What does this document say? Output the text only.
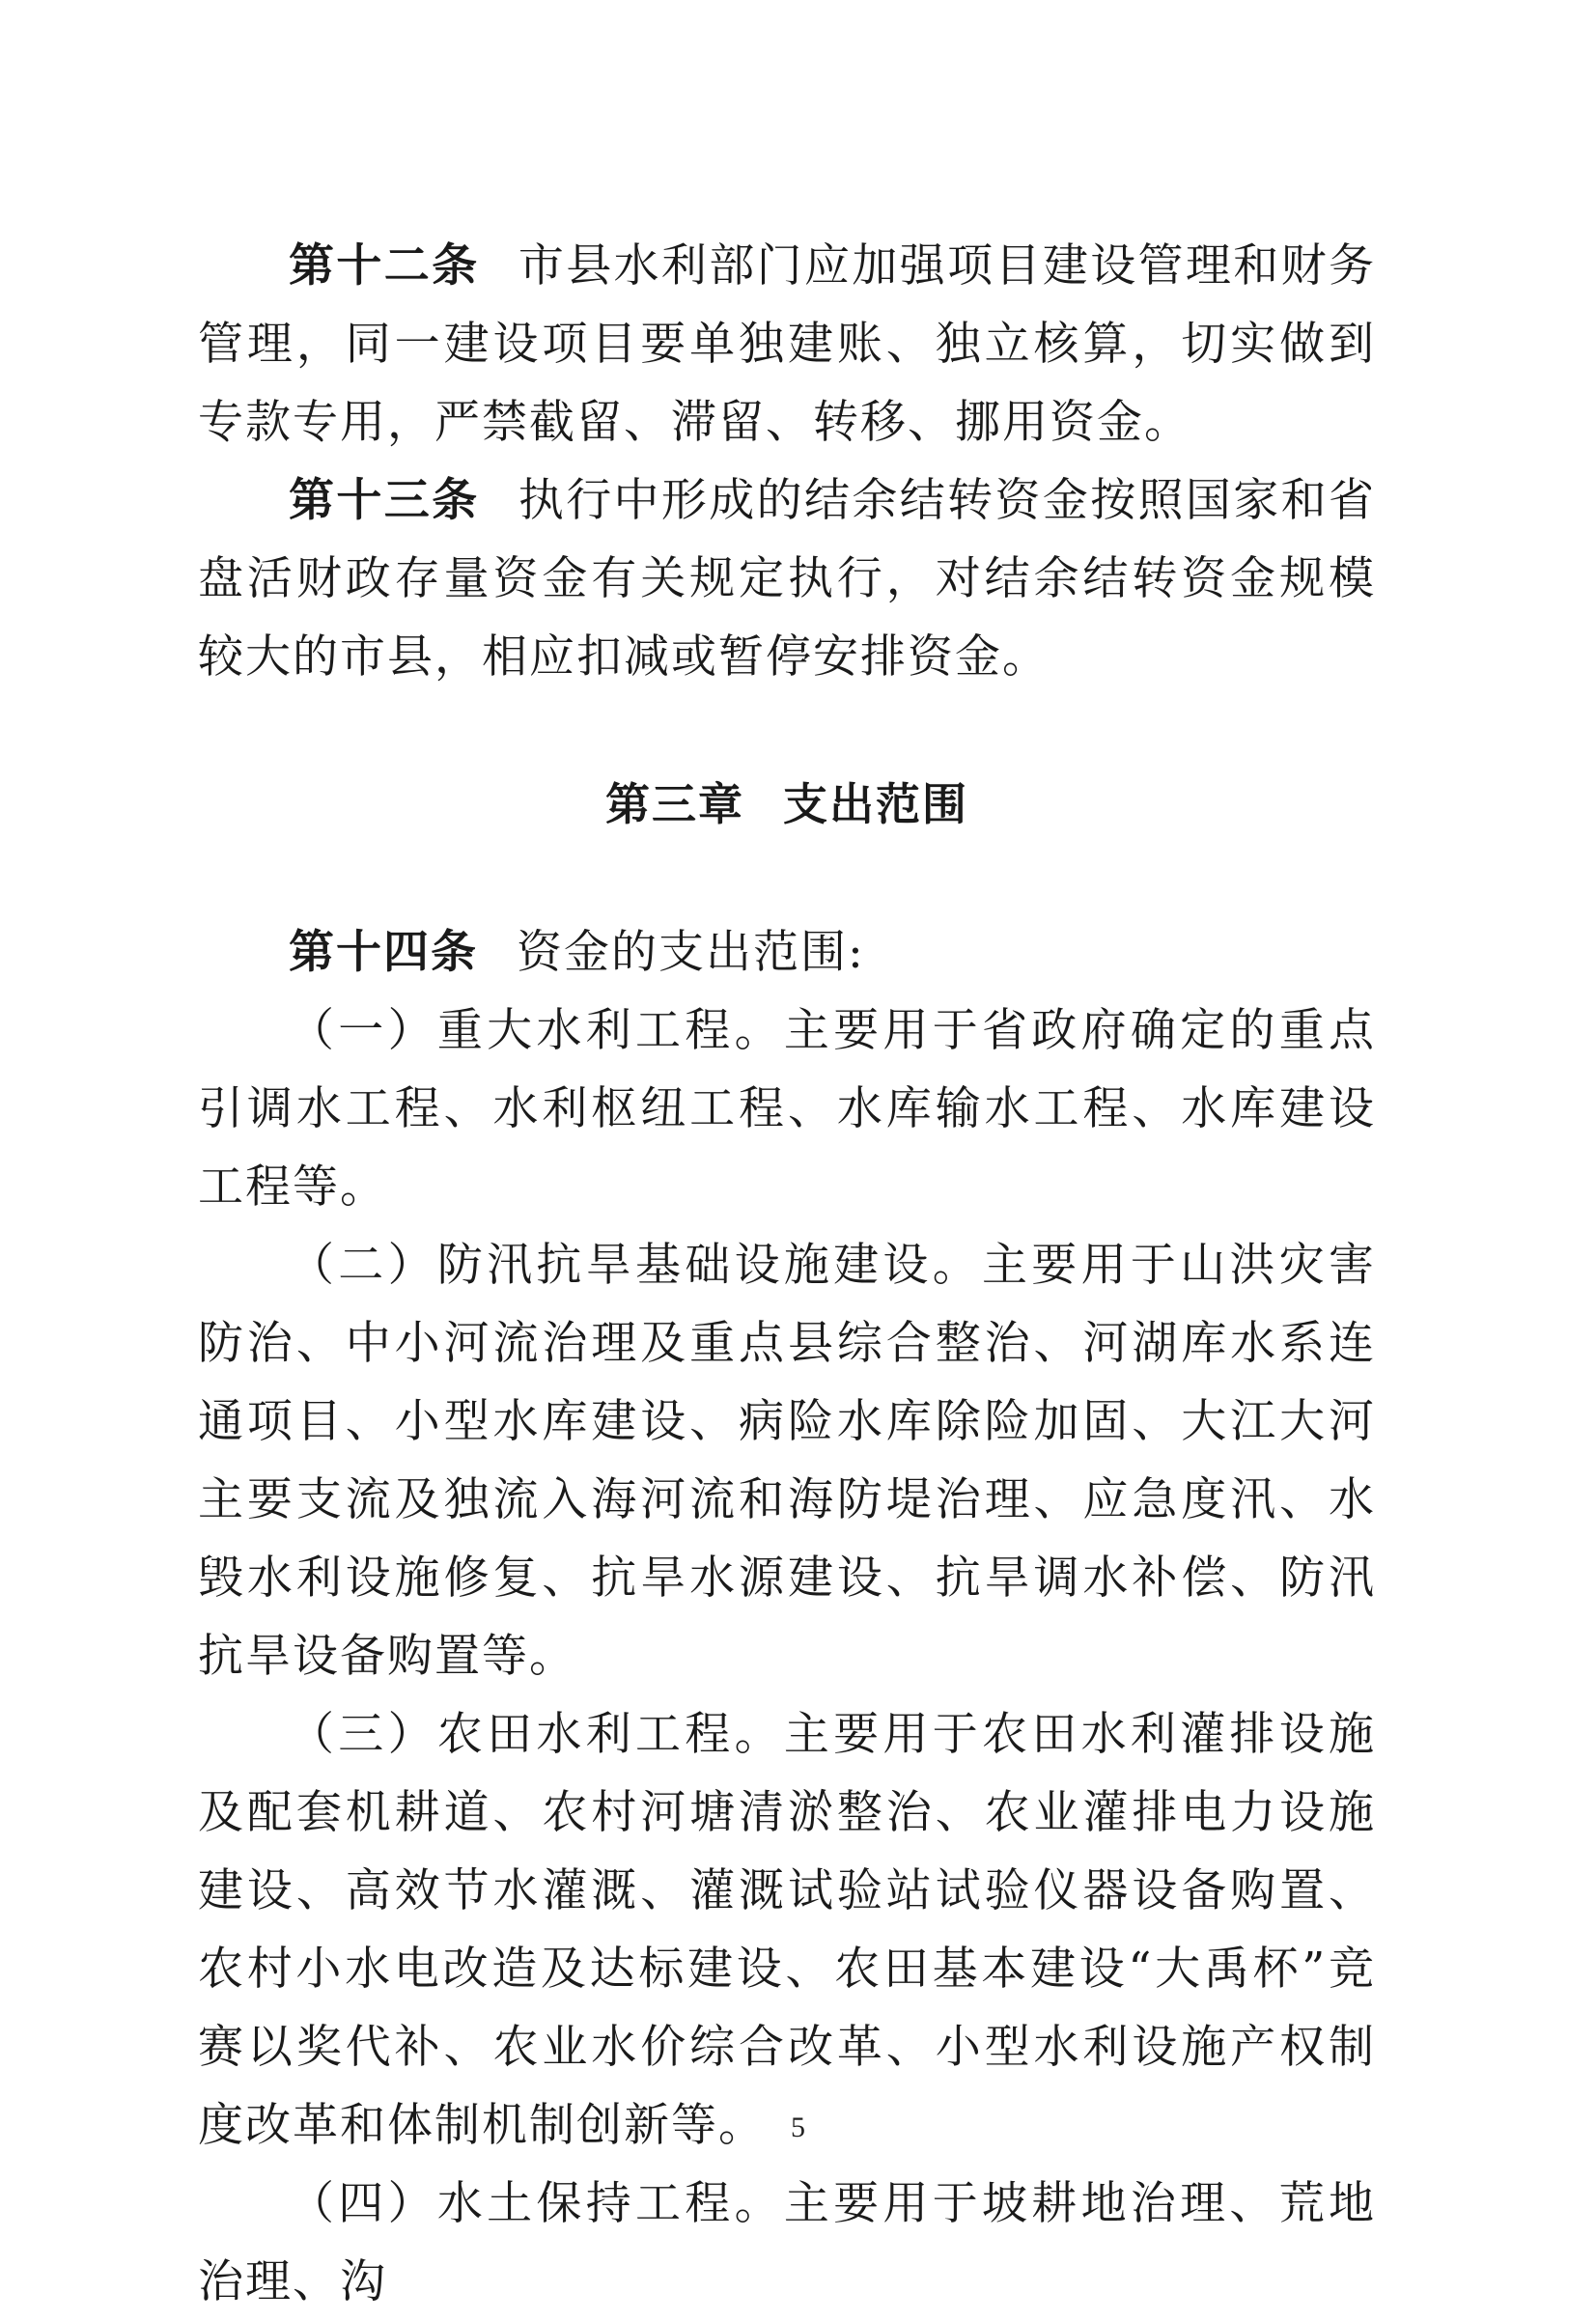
第十二条 市县水利部门应加强项目建设管理和财务管理，同一建设项目要单独建账、独立核算，切实做到专款专用，严禁截留、滞留、转移、挪用资金。

第十三条 执行中形成的结余结转资金按照国家和省盘活财政存量资金有关规定执行，对结余结转资金规模较大的市县，相应扣减或暂停安排资金。

第三章 支出范围

第十四条 资金的支出范围:

（一）重大水利工程。主要用于省政府确定的重点引调水工程、水利枢纽工程、水库输水工程、水库建设工程等。

（二）防汛抗旱基础设施建设。主要用于山洪灾害防治、中小河流治理及重点县综合整治、河湖库水系连通项目、小型水库建设、病险水库除险加固、大江大河主要支流及独流入海河流和海防堤治理、应急度汛、水毁水利设施修复、抗旱水源建设、抗旱调水补偿、防汛抗旱设备购置等。

（三）农田水利工程。主要用于农田水利灌排设施及配套机耕道、农村河塘清淤整治、农业灌排电力设施建设、高效节水灌溉、灌溉试验站试验仪器设备购置、农村小水电改造及达标建设、农田基本建设“大禹杯”竞赛以奖代补、农业水价综合改革、小型水利设施产权制度改革和体制机制创新等。

（四）水土保持工程。主要用于坡耕地治理、荒地治理、沟

5
